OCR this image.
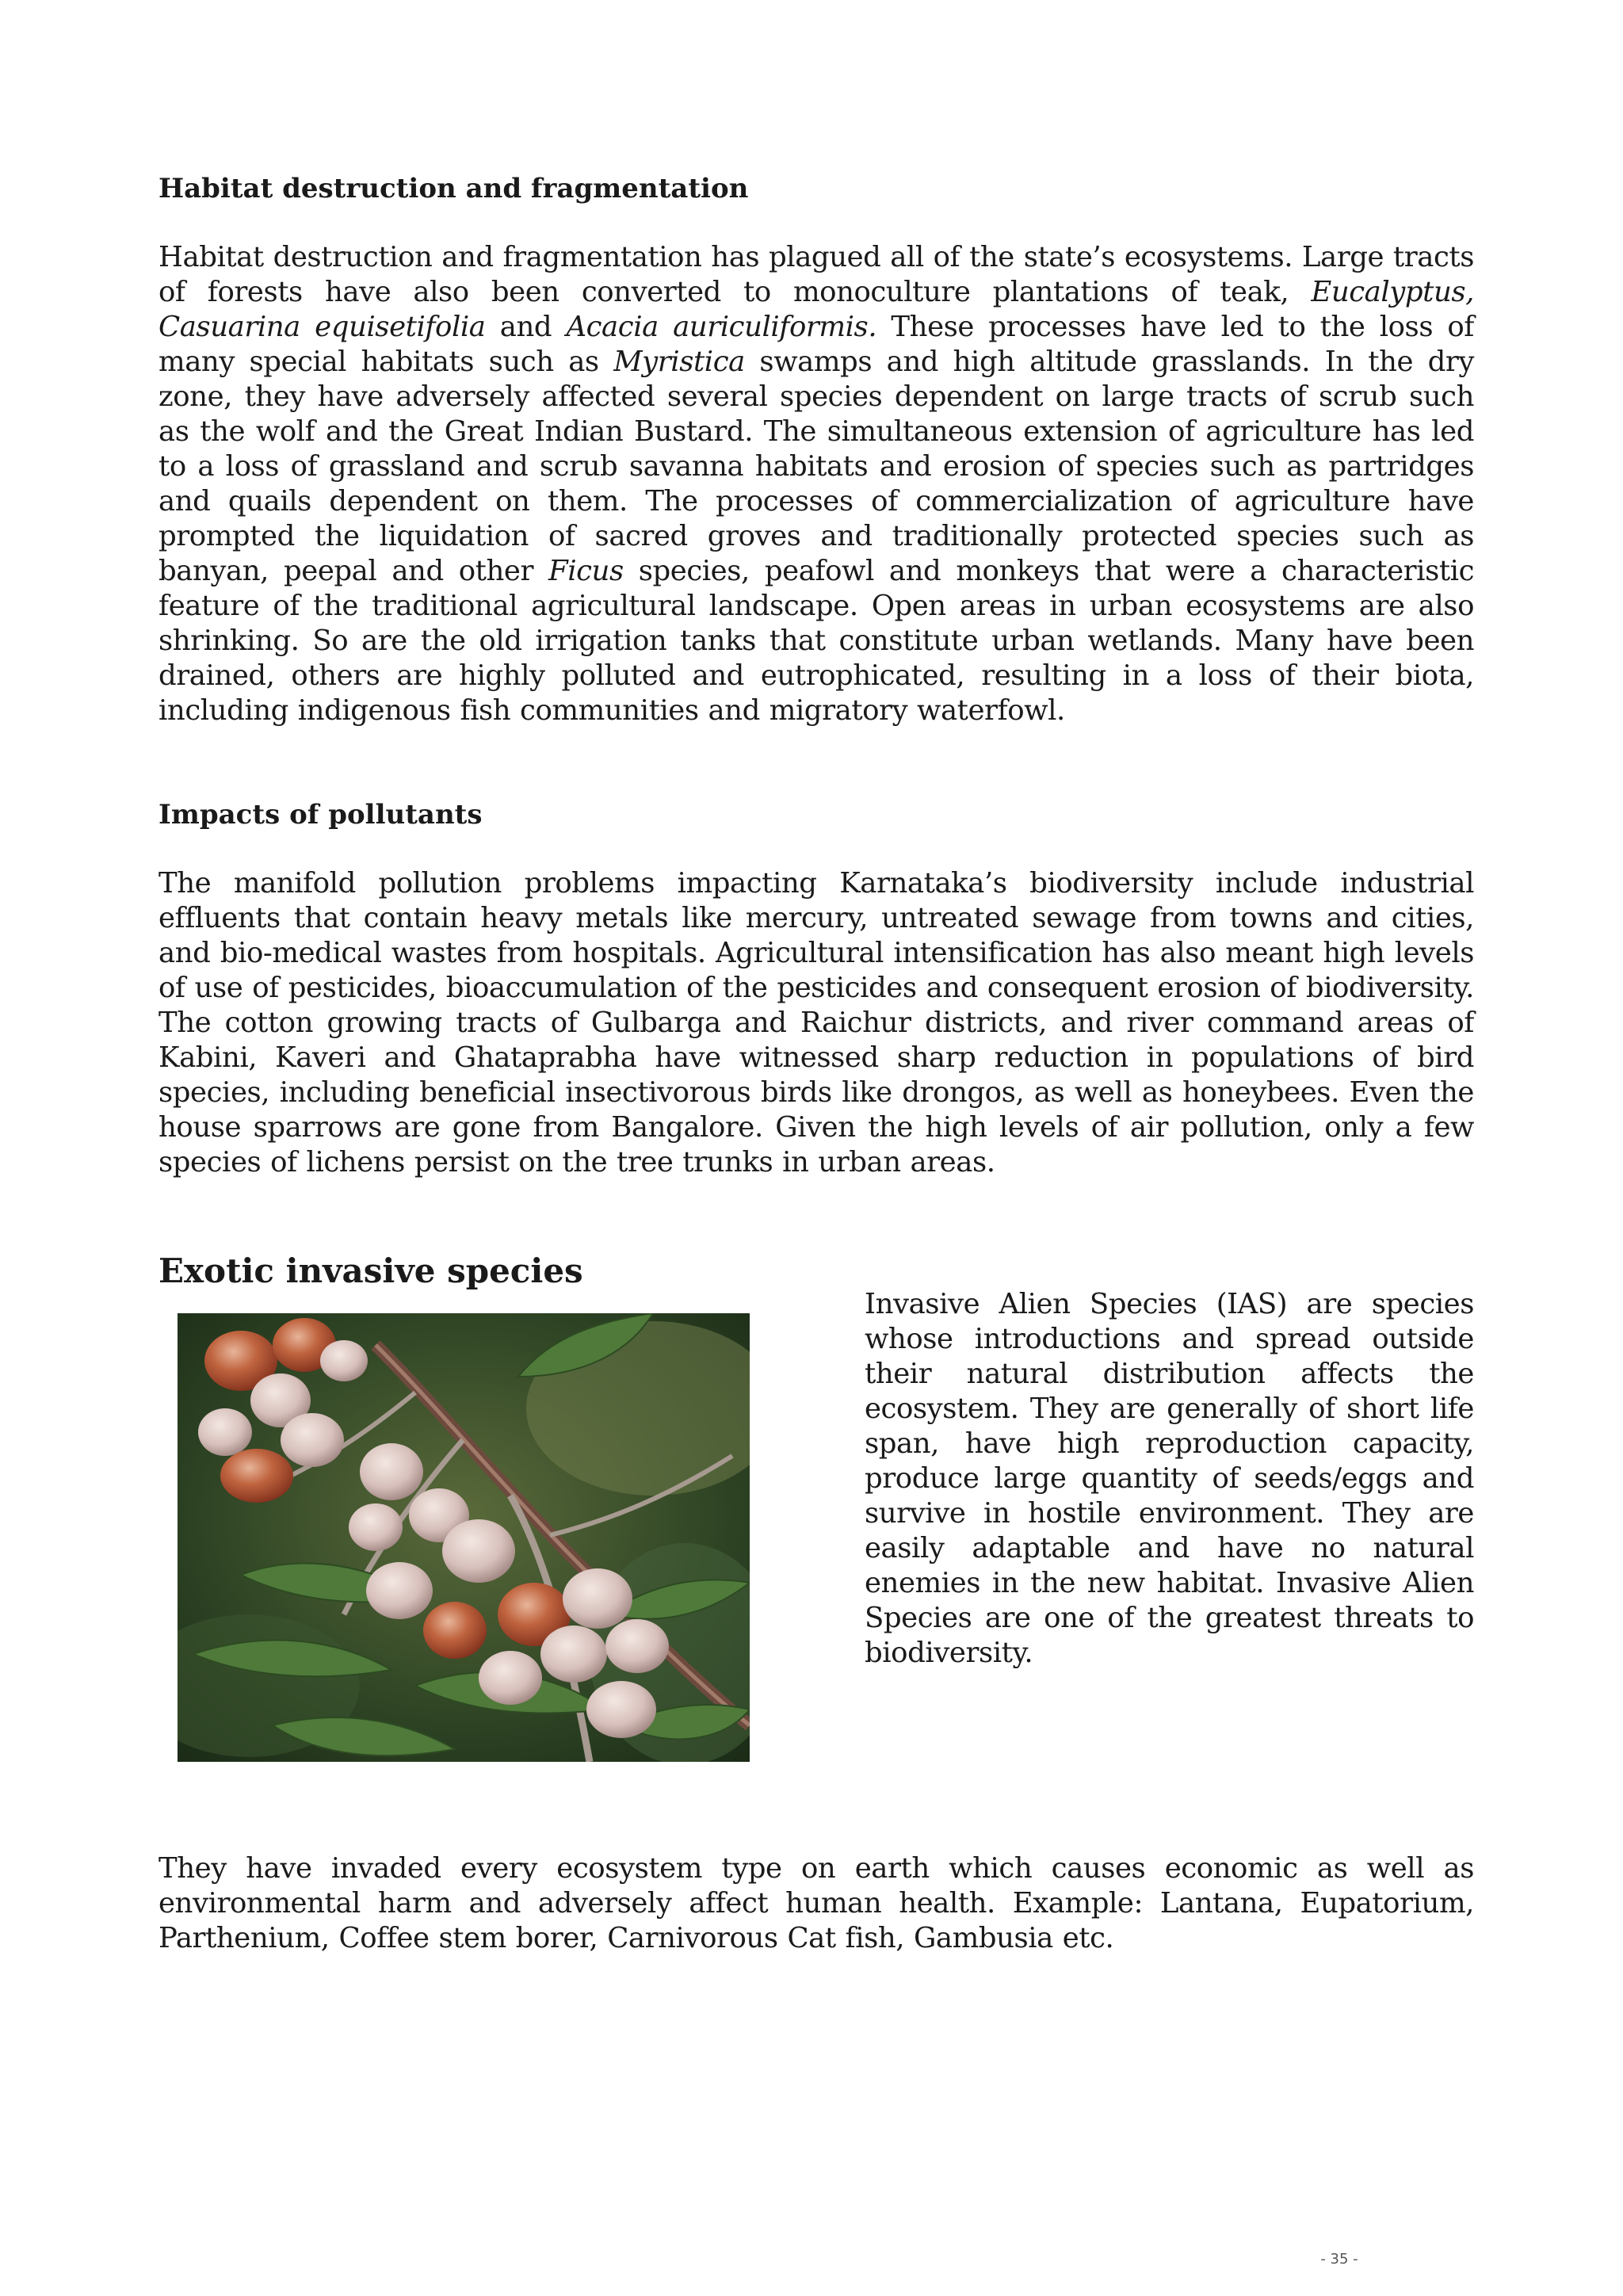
Habitat destruction and fragmentation

Habitat destruction and fragmentation has plagued all of the state’s ecosystems. Large tracts of forests have also been converted to monoculture plantations of teak, Eucalyptus, Casuarina equisetifolia and Acacia auriculiformis. These processes have led to the loss of many special habitats such as Myristica swamps and high altitude grasslands. In the dry zone, they have adversely affected several species dependent on large tracts of scrub such as the wolf and the Great Indian Bustard. The simultaneous extension of agriculture has led to a loss of grassland and scrub savanna habitats and erosion of species such as partridges and quails dependent on them. The processes of commercialization of agriculture have prompted the liquidation of sacred groves and traditionally protected species such as banyan, peepal and other Ficus species, peafowl and monkeys that were a characteristic feature of the traditional agricultural landscape. Open areas in urban ecosystems are also shrinking. So are the old irrigation tanks that constitute urban wetlands. Many have been drained, others are highly polluted and eutrophicated, resulting in a loss of their biota, including indigenous fish communities and migratory waterfowl.

Impacts of pollutants

The manifold pollution problems impacting Karnataka’s biodiversity include industrial effluents that contain heavy metals like mercury, untreated sewage from towns and cities, and bio-medical wastes from hospitals. Agricultural intensification has also meant high levels of use of pesticides, bioaccumulation of the pesticides and consequent erosion of biodiversity. The cotton growing tracts of Gulbarga and Raichur districts, and river command areas of Kabini, Kaveri and Ghataprabha have witnessed sharp reduction in populations of bird species, including beneficial insectivorous birds like drongos, as well as honeybees. Even the house sparrows are gone from Bangalore. Given the high levels of air pollution, only a few species of lichens persist on the tree trunks in urban areas.

Exotic invasive species

Invasive Alien Species (IAS) are species whose introductions and spread outside their natural distribution affects the ecosystem. They are generally of short life span, have high reproduction capacity, produce large quantity of seeds/eggs and survive in hostile environment. They are easily adaptable and have no natural enemies in the new habitat. Invasive Alien Species are one of the greatest threats to biodiversity.

They have invaded every ecosystem type on earth which causes economic as well as environmental harm and adversely affect human health. Example: Lantana, Eupatorium, Parthenium, Coffee stem borer, Carnivorous Cat fish, Gambusia etc.

- 35 -
